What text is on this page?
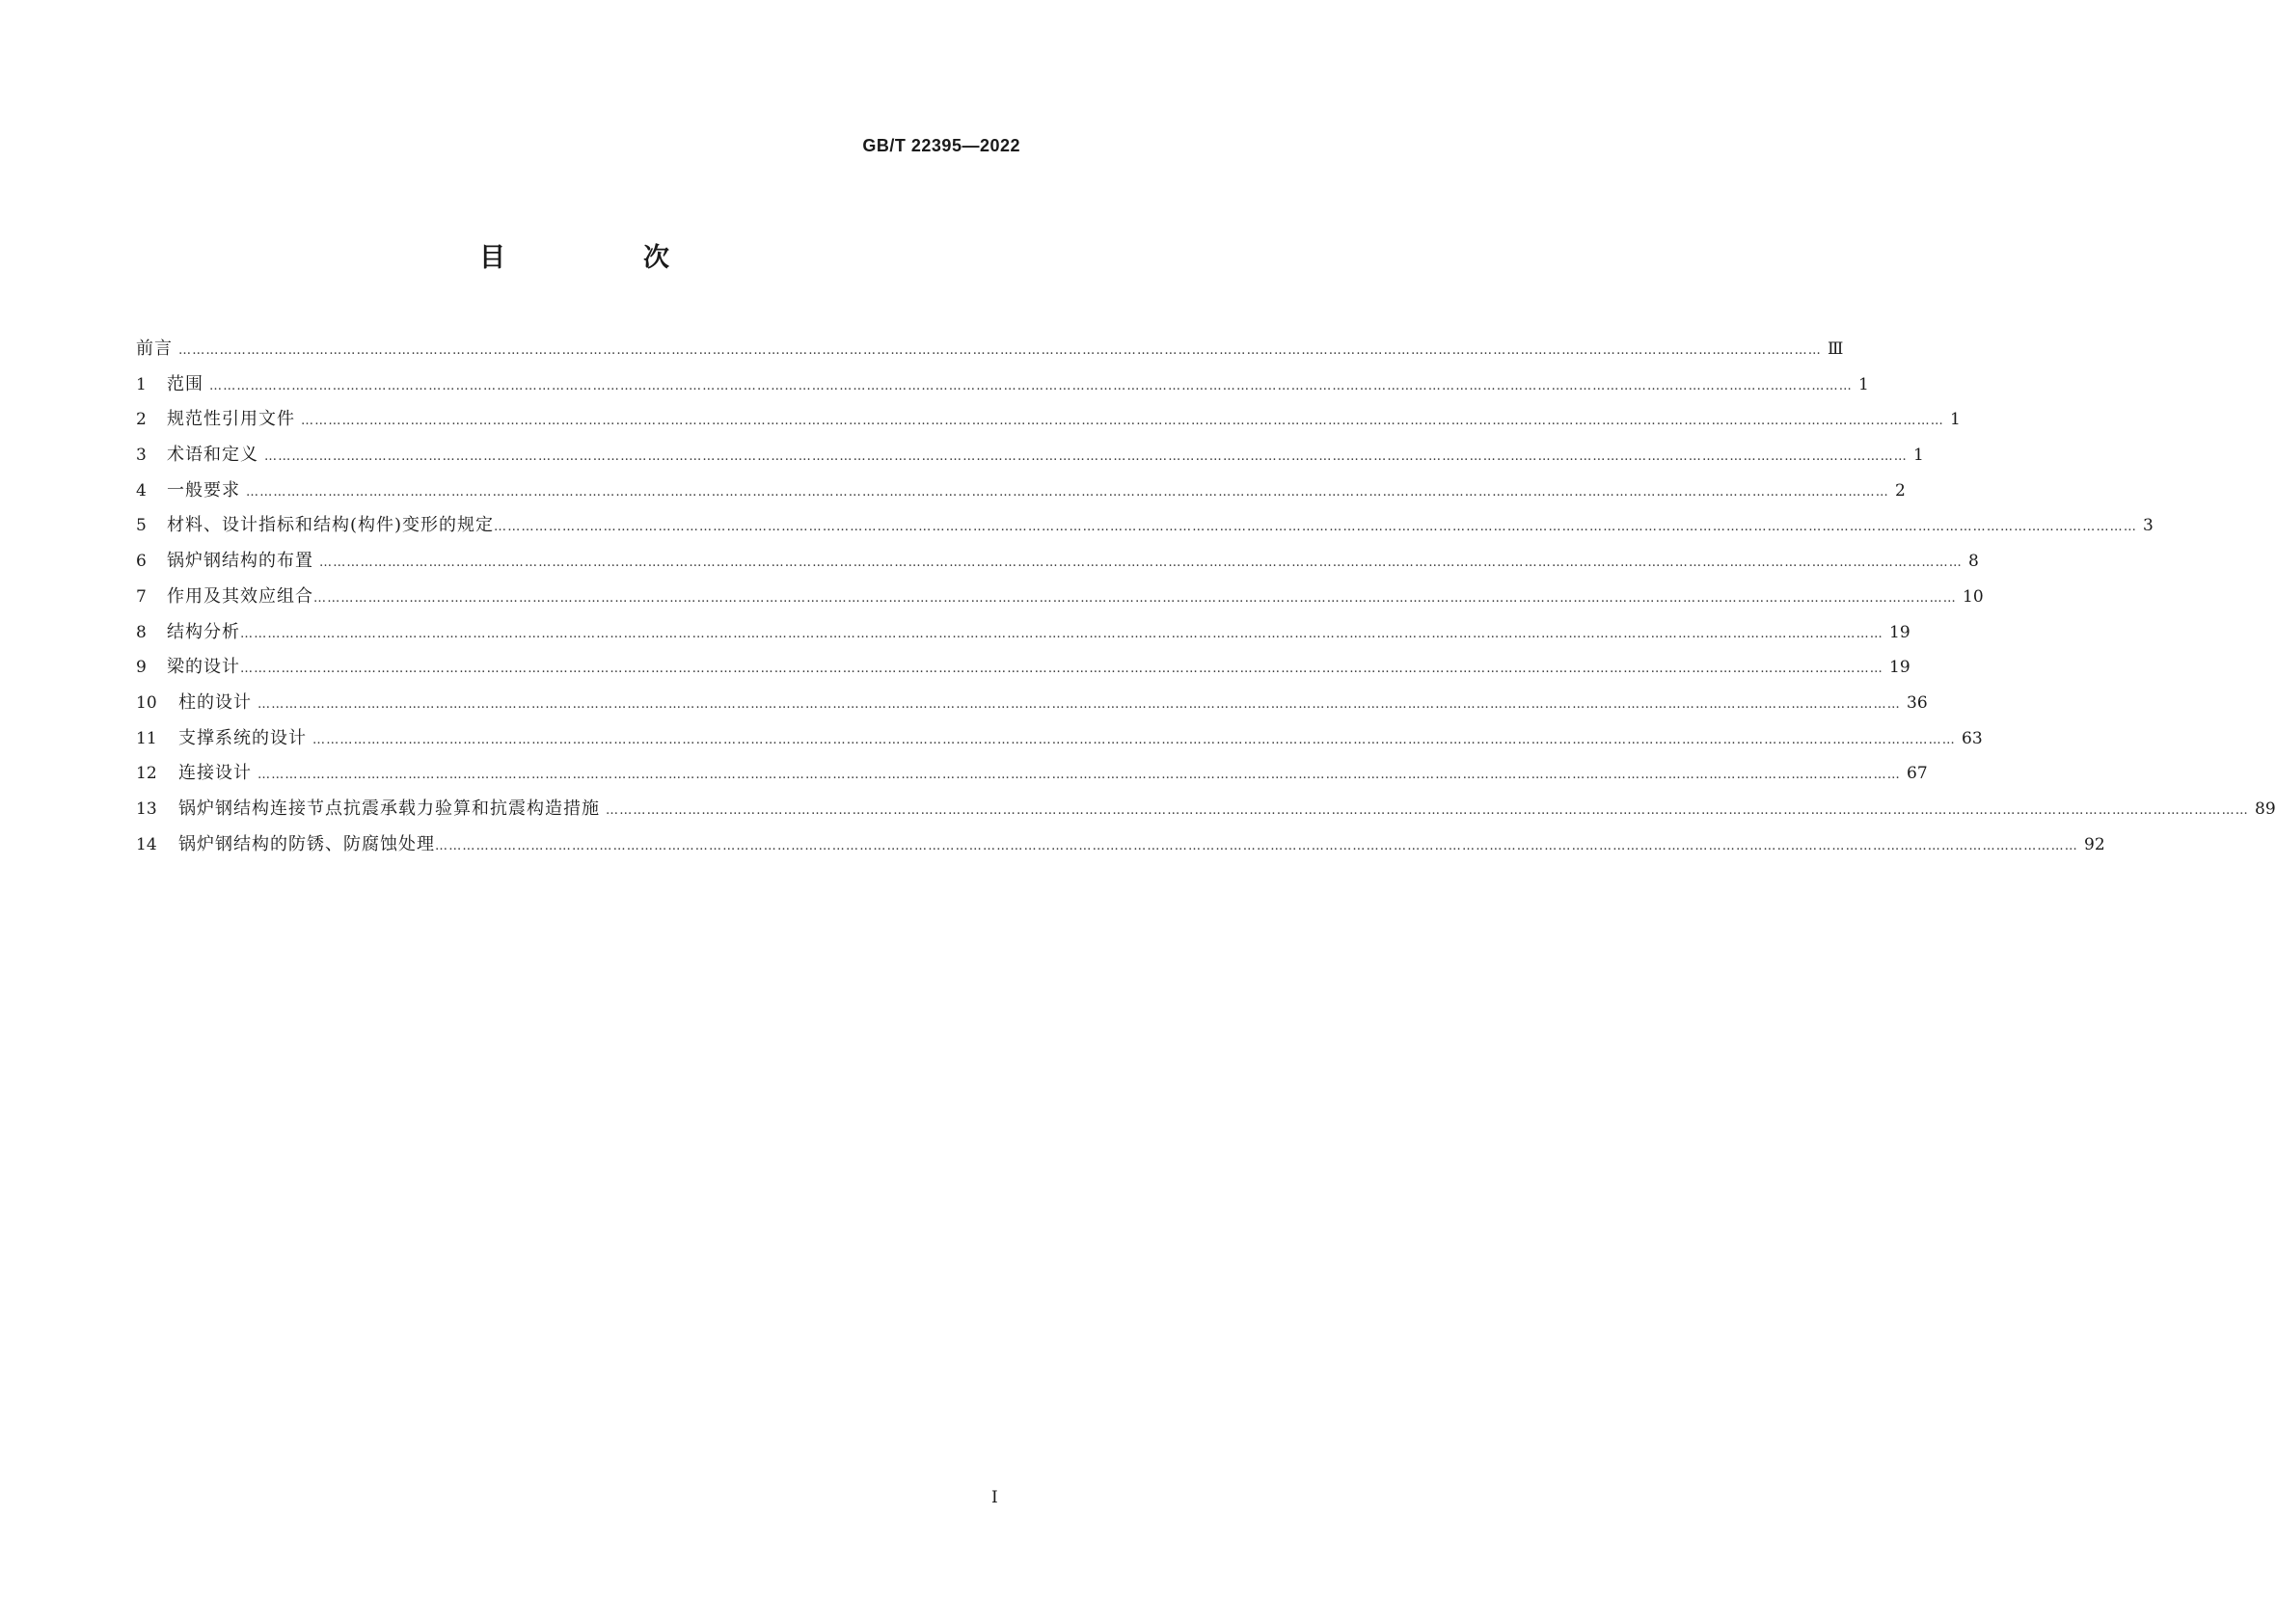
GB/T 22395—2022
目　次
前言 ……………………………………………………………………………………………………………………………………………………………………………………………………………………………………………………………………………………………………………………………… Ⅲ
1	范围 ……………………………………………………………………………………………………………………………………………………………………………………………………………………………………………………………………………………………………………………………… 1
2	规范性引用文件 ……………………………………………………………………………………………………………………………………………………………………………………………………………………………………………………………………………………………………………………………… 1
3	术语和定义 ……………………………………………………………………………………………………………………………………………………………………………………………………………………………………………………………………………………………………………………………… 1
4	一般要求 ……………………………………………………………………………………………………………………………………………………………………………………………………………………………………………………………………………………………………………………………… 2
5	材料、设计指标和结构(构件)变形的规定 ……………………………………………………………………………………………………………………………………………………………………………………………………………………………………………………………………………………………………………………………… 3
6	锅炉钢结构的布置 ……………………………………………………………………………………………………………………………………………………………………………………………………………………………………………………………………………………………………………………………… 8
7	作用及其效应组合 ……………………………………………………………………………………………………………………………………………………………………………………………………………………………………………………………………………………………………………………………… 10
8	结构分析 ……………………………………………………………………………………………………………………………………………………………………………………………………………………………………………………………………………………………………………………………… 19
9	梁的设计 ……………………………………………………………………………………………………………………………………………………………………………………………………………………………………………………………………………………………………………………………… 19
10	柱的设计 ……………………………………………………………………………………………………………………………………………………………………………………………………………………………………………………………………………………………………………………………… 36
11	支撑系统的设计 ……………………………………………………………………………………………………………………………………………………………………………………………………………………………………………………………………………………………………………………………… 63
12	连接设计 ……………………………………………………………………………………………………………………………………………………………………………………………………………………………………………………………………………………………………………………………… 67
13	锅炉钢结构连接节点抗震承载力验算和抗震构造措施 ……………………………………………………………………………………………………………………………………………………………………………………………………………………………………………………………………………………………………………………………… 89
14	锅炉钢结构的防锈、防腐蚀处理 ……………………………………………………………………………………………………………………………………………………………………………………………………………………………………………………………………………………………………………………………… 92
Ⅰ
